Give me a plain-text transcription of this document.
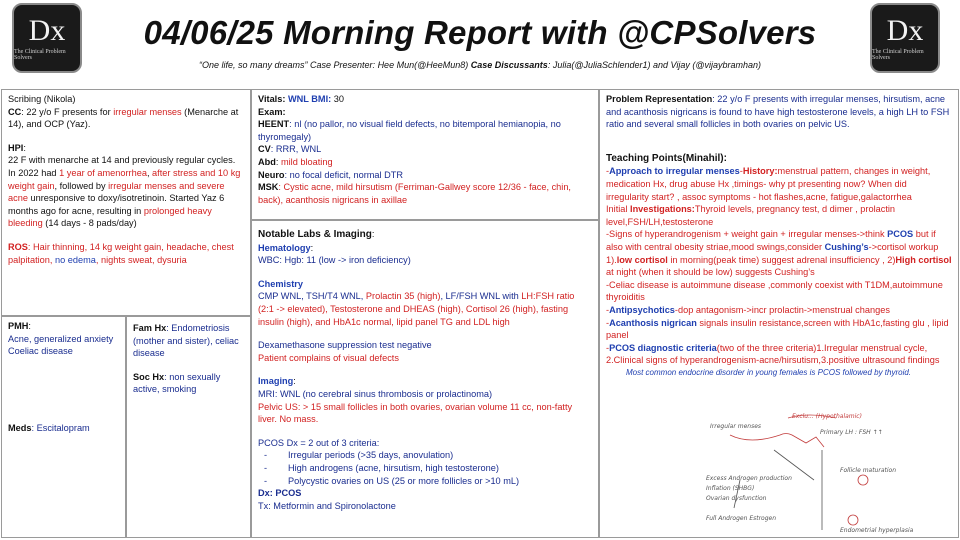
Dx
The Clinical Problem Solvers
Dx
The Clinical Problem Solvers
04/06/25 Morning Report with @CPSolvers
“One life, so many dreams” Case Presenter: Hee Mun(@HeeMun8) Case Discussants: Julia(@JuliaSchlender1) and Vijay (@vijaybramhan)
Scribing (Nikola)
CC: 22 y/o F presents for irregular menses (Menarche at 14), and OCP (Yaz).
HPI:
22 F with menarche at 14 and previously regular cycles. In 2022 had 1 year of amenorrhea, after stress and 10 kg weight gain, followed by irregular menses and severe acne unresponsive to doxy/isotretinoin. Started Yaz 6 months ago for acne, resulting in prolonged heavy bleeding (14 days - 8 pads/day)
ROS: Hair thinning, 14 kg weight gain, headache, chest palpitation, no edema, nights sweat, dysuria
PMH:
Acne, generalized anxiety
Coeliac disease
Meds: Escitalopram
Fam Hx: Endometriosis (mother and sister), celiac disease
Soc Hx: non sexually active, smoking
Vitals: WNL BMI: 30
Exam:
HEENT: nl (no pallor, no visual field defects, no bitemporal hemianopia, no thyromegaly)
CV: RRR, WNL
Abd: mild bloating
Neuro: no focal deficit, normal DTR
MSK: Cystic acne, mild hirsutism (Ferriman-Gallwey score 12/36 - face, chin, back), acanthosis nigricans in axillae
Notable Labs & Imaging:
Hematology:
WBC: Hgb: 11 (low -> iron deficiency)
Chemistry
CMP WNL, TSH/T4 WNL, Prolactin 35 (high), LF/FSH WNL with LH:FSH ratio (2:1 -> elevated), Testosterone and DHEAS (high), Cortisol 26 (high), fasting insulin (high), and HbA1c normal, lipid panel TG and LDL high
Dexamethasone suppression test negative
Patient complains of visual defects
Imaging:
MRI: WNL (no cerebral sinus thrombosis or prolactinoma)
Pelvic US: > 15 small follicles in both ovaries, ovarian volume 11 cc, non-fatty liver. No mass.
PCOS Dx = 2 out of 3 criteria:
- Irregular periods (>35 days, anovulation)
- High androgens (acne, hirsutism, high testosterone)
- Polycystic ovaries on US (25 or more follicles or >10 mL)
Dx: PCOS
Tx: Metformin and Spironolactone
Problem Representation: 22 y/o F presents with irregular menses, hirsutism, acne and acanthosis nigricans is found to have high testosterone levels, a high LH to FSH ratio and several small follicles in both ovaries on pelvic US.
Teaching Points(Minahil):
-Approach to irregular menses-History:menstrual pattern, changes in weight, medication Hx, drug abuse Hx ,timings- why pt presenting now? When did irregularity start? , assoc symptoms - hot flashes,acne, fatigue,galactorrhea
Initial Investigations:Thyroid levels, pregnancy test, d dimer , prolactin level,FSH/LH,testosterone
-Signs of hyperandrogenism + weight gain + irregular menses->think PCOS but if also with central obesity striae,mood swings,consider Cushing’s->cortisol workup 1).low cortisol in morning(peak time) suggest adrenal insufficiency , 2)High cortisol at night (when it should be low) suggests Cushing’s
-Celiac disease is autoimmune disease ,commonly coexist with T1DM,autoimmune thyroiditis
-Antipsychotics-dop antagonism->incr prolactin->menstrual changes
-Acanthosis nigrican signals insulin resistance,screen with HbA1c,fasting glu , lipid panel
-PCOS diagnostic criteria(two of the three criteria)1.Irregular menstrual cycle, 2.Clinical signs of hyperandrogenism-acne/hirsutism,3.positive ultrasound findings
Most common endocrine disorder in young females is PCOS followed by thyroid.
Irregular menses
Exclu... (Hypothalamic)
Primary LH : FSH ↑↑
Follicle maturation
Excess Androgen production
Inflation (SHBG)
Ovarian dysfunction
Full Androgen Estrogen
Endometrial hyperplasia
